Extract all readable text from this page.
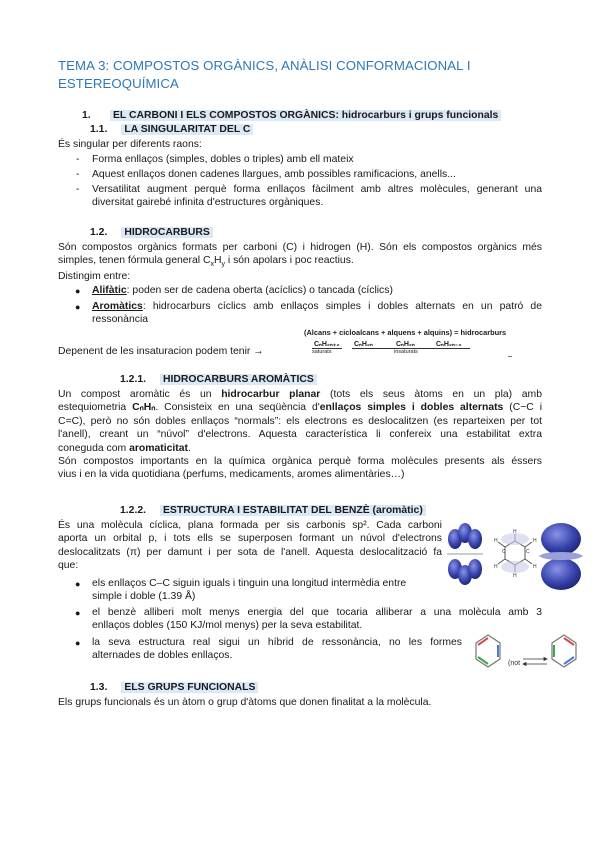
TEMA 3: COMPOSTOS ORGÀNICS, ANÀLISI CONFORMACIONAL I ESTEREOQUÍMICA
1. EL CARBONI I ELS COMPOSTOS ORGÀNICS: hidrocarburs i grups funcionals
1.1. LA SINGULARITAT DEL C
És singular per diferents raons:
- Forma enllaços (simples, dobles o triples) amb ell mateix
- Aquest enllaços donen cadenes llargues, amb possibles ramificacions, anells...
- Versatilitat augment perquè forma enllaços fàcilment amb altres molècules, generant una diversitat gairebé infinita d'estructures orgàniques.
1.2. HIDROCARBURS
Són compostos orgànics formats per carboni (C) i hidrogen (H). Són els compostos orgànics més simples, tenen fórmula general $C_xH_y$ i són apolars i poc reactius.
Distingim entre:
● Alifàtic: poden ser de cadena oberta (acíclics) o tancada (cíclics)
● Aromàtics: hidrocarburs cíclics amb enllaços simples i dobles alternats en un patró de ressonància
Depenent de les insaturacion podem tenir →
(Alcans + cicloalcans + alquens + alquins) = hidrocarburs
CₙH₂ₙ₊₂ CₙH₂ₙ	CₙH₂ₙ	CₙH₂ₙ₋₂
saturats	insaturats
1.2.1. HIDROCARBURS AROMÀTICS
Un compost aromàtic és un hidrocarbur planar (tots els seus àtoms en un pla) amb
estequiometria CₙHₙ. Consisteix en una seqüència d'enllaços simples i dobles alternats (C−C i
C=C), però no són dobles enllaços “normals”: els electrons es deslocalitzen (es reparteixen per tot
l'anell), creant un “núvol” d'electrons. Aquesta característica li confereix una estabilitat extra
coneguda com aromaticitat.
Són compostos importants en la química orgànica perquè forma molècules presents als éssers
vius i en la vida quotidiana (perfums, medicaments, aromes alimentàries…)
1.2.2. ESTRUCTURA I ESTABILITAT DEL BENZÈ (aromàtic)
És una molècula cíclica, plana formada per sis carbonis sp². Cada carboni
aporta un orbital p, i tots ells se superposen formant un núvol d'electrons
deslocalitzats (π) per damunt i per sota de l'anell. Aquesta deslocalització fa
que:
● els enllaços C–C siguin iguals i tinguin una longitud intermèdia entre
simple i doble (1.39 Å)
● el benzè alliberi molt menys energia del que tocaria alliberar a una molècula amb 3
enllaços dobles (150 KJ/mol menys) per la seva estabilitat.
● la seva estructura real sigui un híbrid de ressonància, no les formes
alternades de dobles enllaços.
H	H
H	H
H
H
C	C
(not
1.3. ELS GRUPS FUNCIONALS
Els grups funcionals és un àtom o grup d'àtoms que donen finalitat a la molècula.
